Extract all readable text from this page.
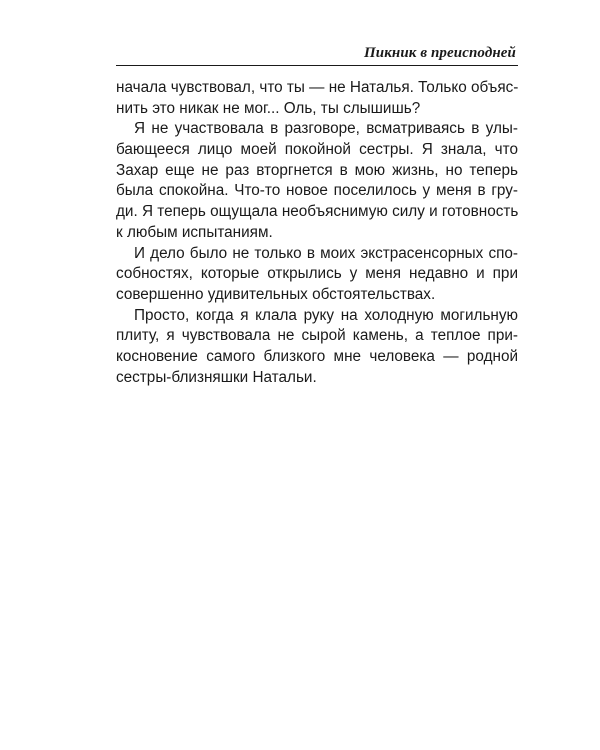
Пикник в преисподней
начала чувствовал, что ты — не Наталья. Только объяс-
нить это никак не мог... Оль, ты слышишь?
Я не участвовала в разговоре, всматриваясь в улы-
бающееся лицо моей покойной сестры. Я знала, что
Захар еще не раз вторгнется в мою жизнь, но теперь
была спокойна. Что-то новое поселилось у меня в гру-
ди. Я теперь ощущала необъяснимую силу и готовность
к любым испытаниям.
И дело было не только в моих экстрасенсорных спо-
собностях, которые открылись у меня недавно и при
совершенно удивительных обстоятельствах.
Просто, когда я клала руку на холодную могильную
плиту, я чувствовала не сырой камень, а теплое при-
косновение самого близкого мне человека — родной
сестры-близняшки Натальи.
